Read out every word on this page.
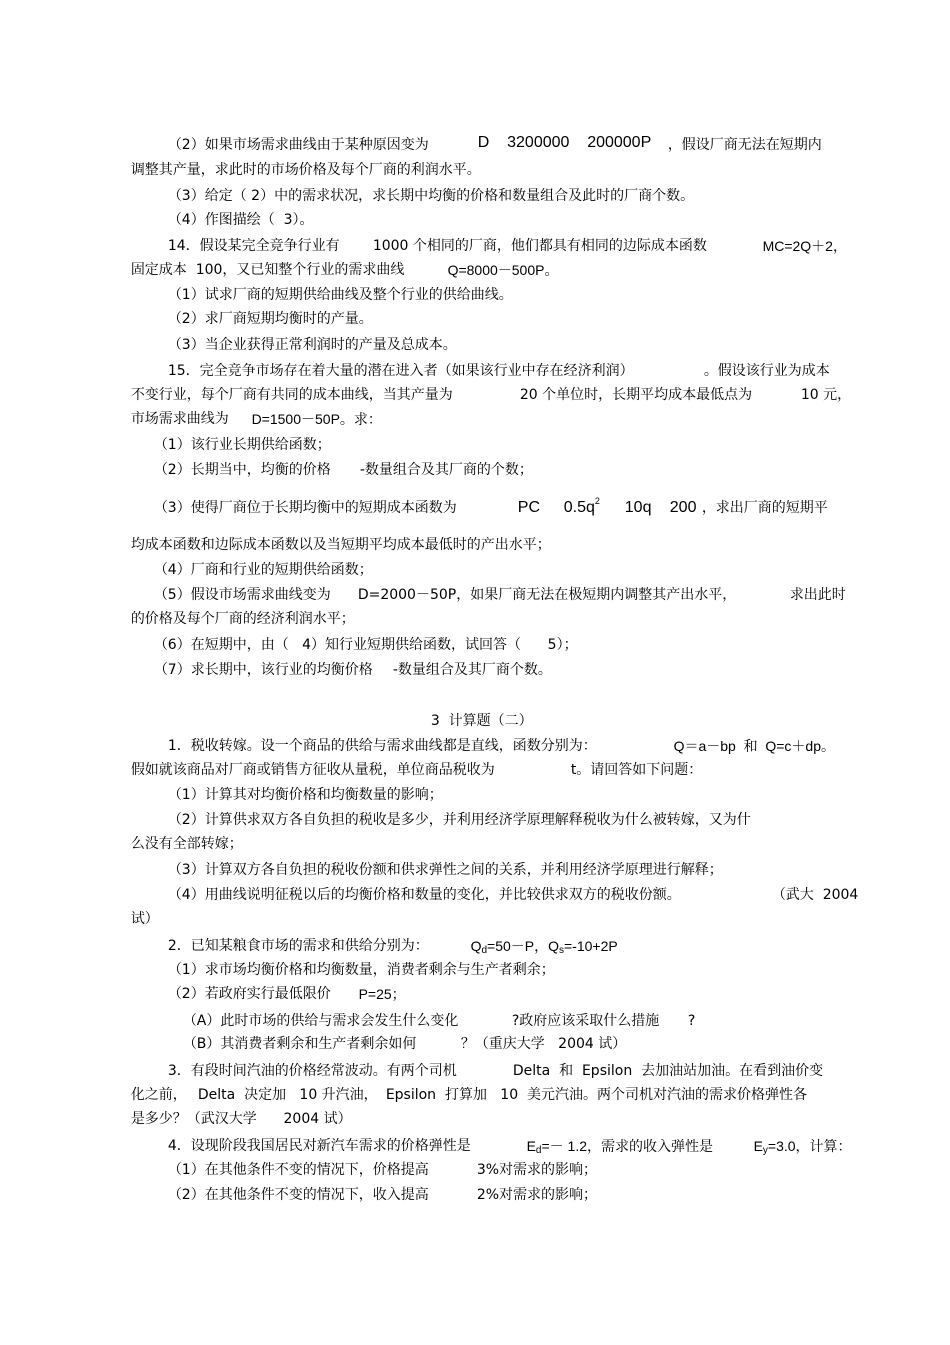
（2）如果市场需求曲线由于某种原因变为
	D    3200000    200000P
	，假设厂商无法在短期内

调整其产量，求此时的市场价格及每个厂商的利润水平。

（3）给定（ 2）中的需求状况，求长期中均衡的价格和数量组合及此时的厂商个数。

（4）作图描绘（  3）。

14．假设某完全竞争行业有
	1000 个相同的厂商，他们都具有相同的边际成本函数
	MC=2Q＋2，

固定成本  100，又已知整个行业的需求曲线
	Q=8000－500P。

（1）试求厂商的短期供给曲线及整个行业的供给曲线。

（2）求厂商短期均衡时的产量。

（3）当企业获得正常利润时的产量及总成本。

15．完全竞争市场存在着大量的潜在进入者（如果该行业中存在经济利润）
	。假设该行业为成本

不变行业，每个厂商有共同的成本曲线，当其产量为
	20 个单位时，长期平均成本最低点为
	10 元，

市场需求曲线为
	D=1500－50P。求：

（1）该行业长期供给函数；

（2）长期当中，均衡的价格
	-数量组合及其厂商的个数；

（3）使得厂商位于长期均衡中的短期成本函数为
	PC
	$0.5q^2$
	10q
	200
，求出厂商的短期平

均成本函数和边际成本函数以及当短期平均成本最低时的产出水平；

（4）厂商和行业的短期供给函数；

（5）假设市场需求曲线变为
	D=2000－50P，如果厂商无法在极短期内调整其产出水平，
	求出此时

的价格及每个厂商的经济利润水平；

（6）在短期中，由（   4）知行业短期供给函数，试回答（      5）；

（7）求长期中，该行业的均衡价格
	-数量组合及其厂商个数。

3  计算题（二）

1．税收转嫁。设一个商品的供给与需求曲线都是直线，函数分别为：
	Q＝a－bp  和  Q=c＋dp。

假如就该商品对厂商或销售方征收从量税，单位商品税收为
	t。请回答如下问题：

（1）计算其对均衡价格和均衡数量的影响；

（2）计算供求双方各自负担的税收是多少，并利用经济学原理解释税收为什么被转嫁，又为什

么没有全部转嫁；

（3）计算双方各自负担的税收份额和供求弹性之间的关系，并利用经济学原理进行解释；

（4）用曲线说明征税以后的均衡价格和数量的变化，并比较供求双方的税收份额。
	（武大  2004

试）

2．已知某粮食市场的需求和供给分别为：
	Qd=50－P，Qs=-10+2P

（1）求市场均衡价格和均衡数量，消费者剩余与生产者剩余；

（2）若政府实行最低限价
	P=25；

（A）此时市场的供给与需求会发生什么变化
	?政府应该采取什么措施
	?

（B）其消费者剩余和生产者剩余如何
	？（重庆大学   2004 试）

3．有段时间汽油的价格经常波动。有两个司机
	Delta  和  Epsilon  去加油站加油。在看到油价变

化之前，
Delta  决定加   10 升汽油，
Epsilon  打算加   10  美元汽油。两个司机对汽油的需求价格弹性各

是多少？（武汉大学      2004 试）

4．设现阶段我国居民对新汽车需求的价格弹性是
	Ed=－ 1.2，需求的收入弹性是
	Ey=3.0，计算：

（1）在其他条件不变的情况下，价格提高
	3%对需求的影响；

（2）在其他条件不变的情况下，收入提高
	2%对需求的影响；
